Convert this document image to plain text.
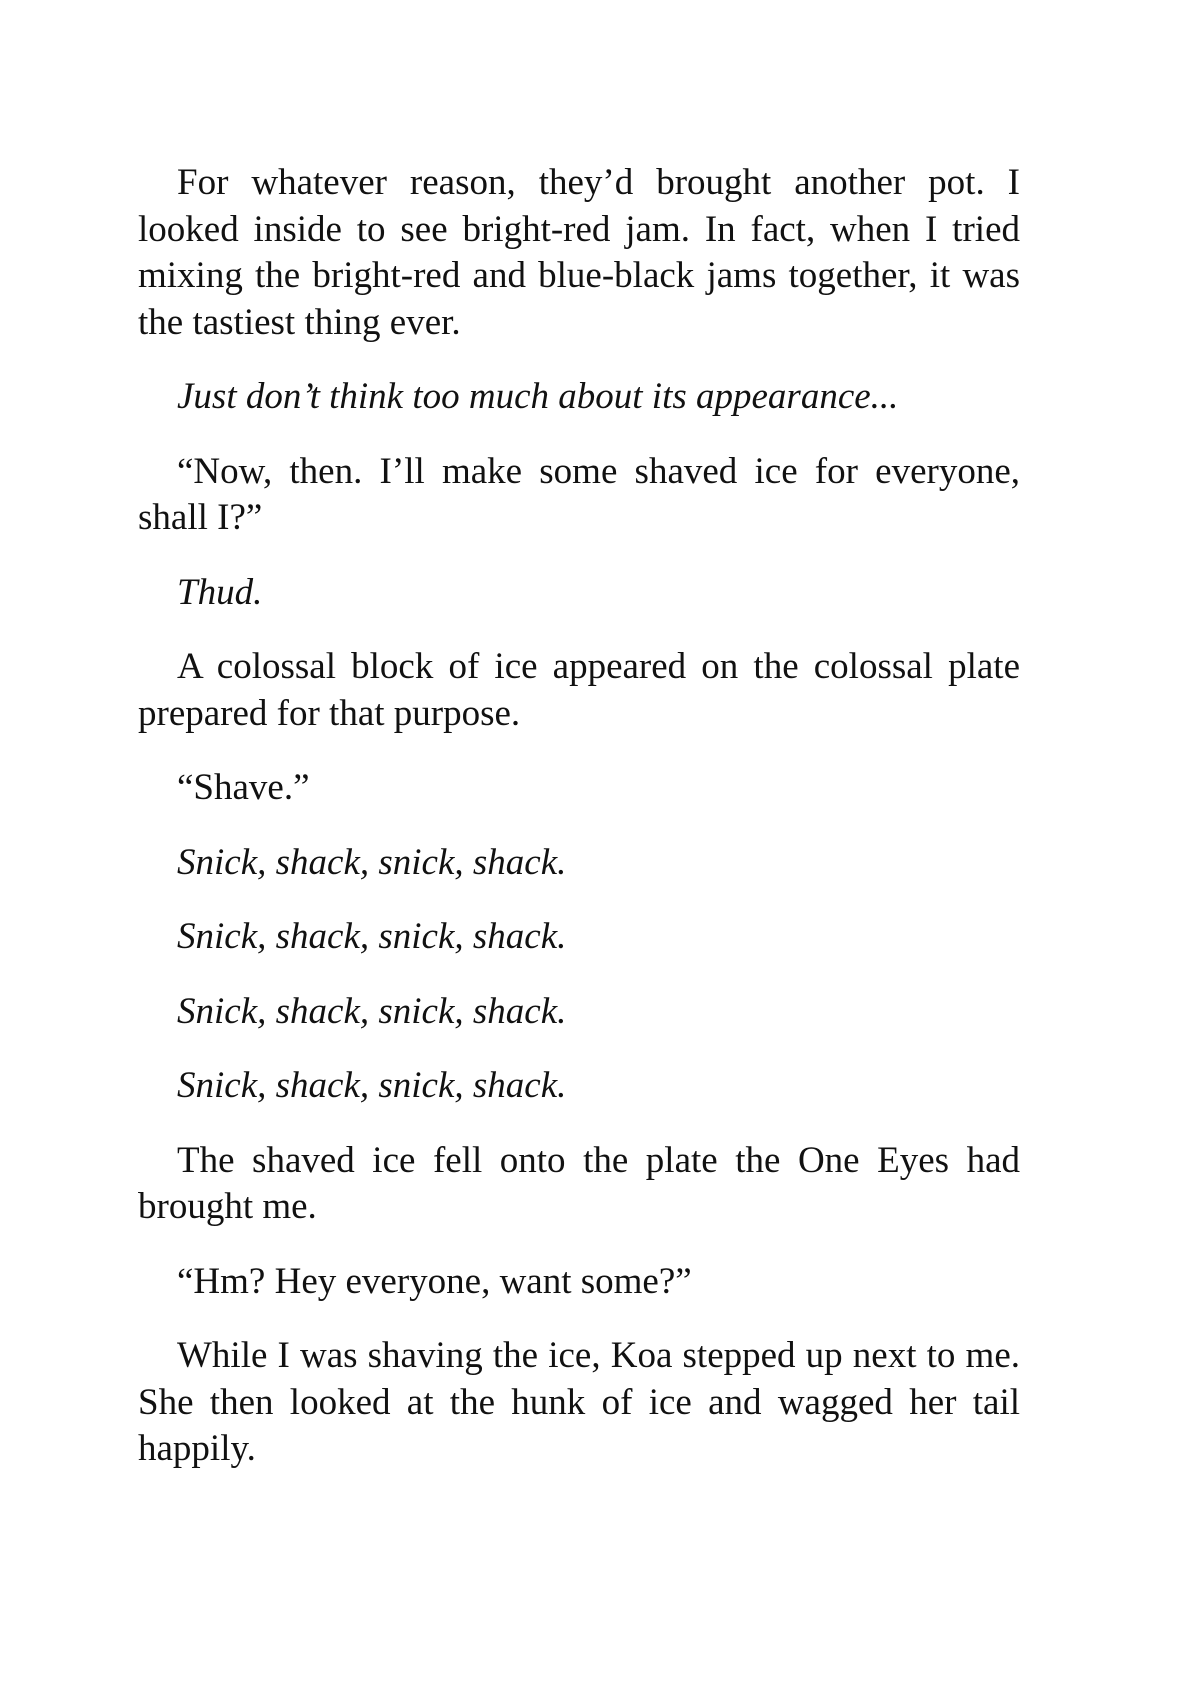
For whatever reason, they’d brought another pot. I looked inside to see bright-red jam. In fact, when I tried mixing the bright-red and blue-black jams together, it was the tastiest thing ever.

Just don’t think too much about its appearance...

“Now, then. I’ll make some shaved ice for everyone, shall I?”

Thud.

A colossal block of ice appeared on the colossal plate prepared for that purpose.

“Shave.”

Snick, shack, snick, shack.

Snick, shack, snick, shack.

Snick, shack, snick, shack.

Snick, shack, snick, shack.

The shaved ice fell onto the plate the One Eyes had brought me.

“Hm? Hey everyone, want some?”

While I was shaving the ice, Koa stepped up next to me. She then looked at the hunk of ice and wagged her tail happily.
